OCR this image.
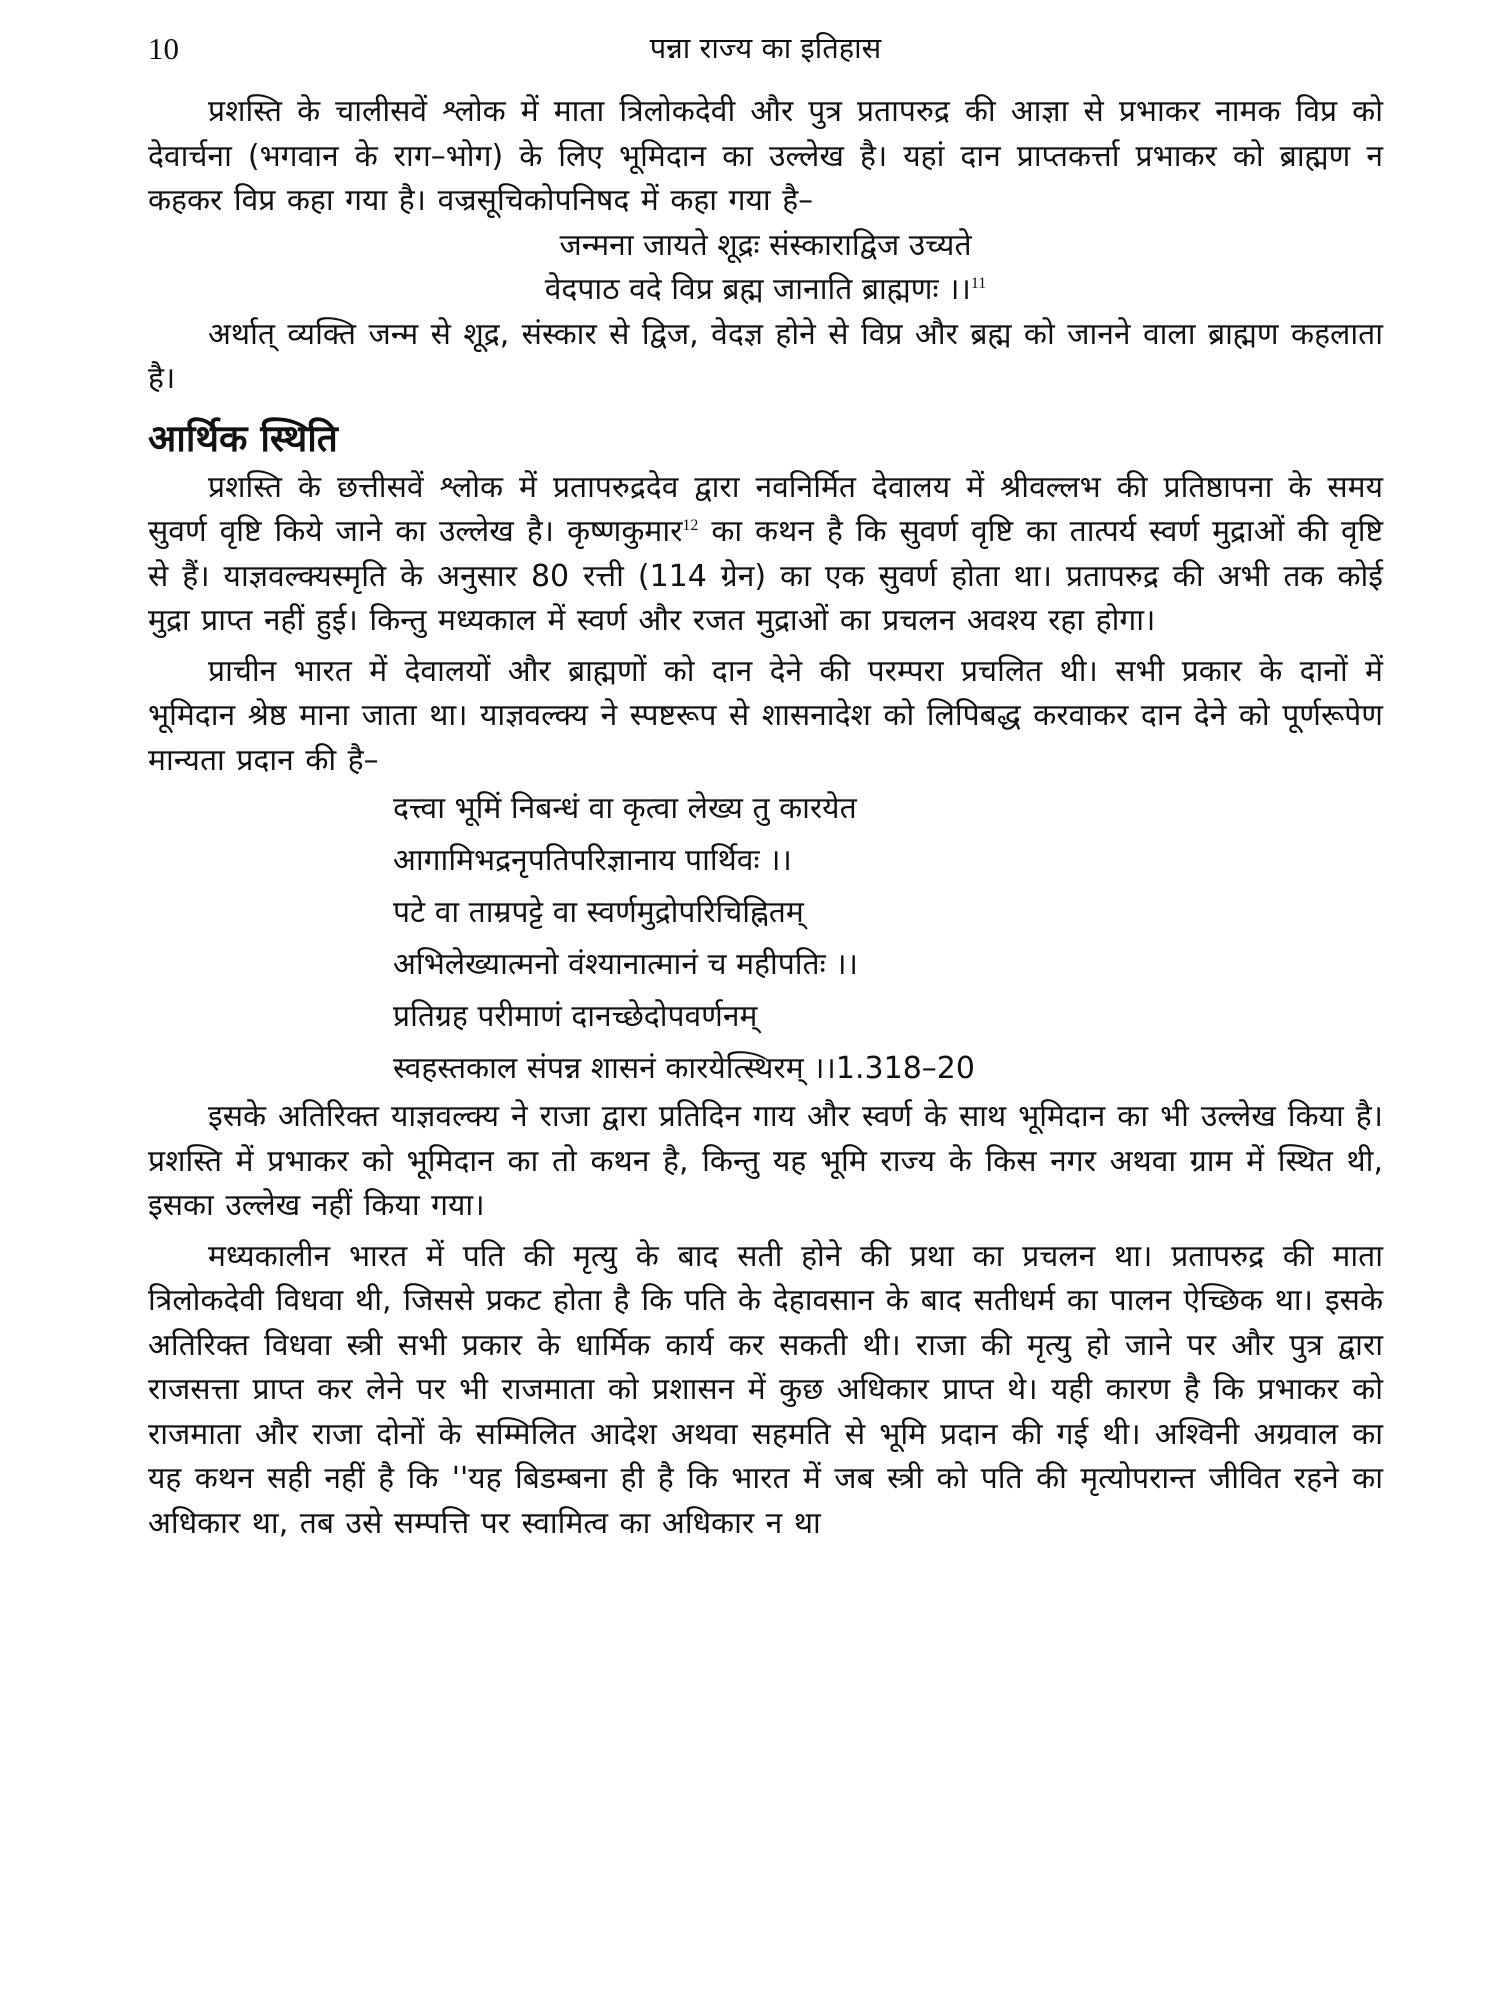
10	पन्ना राज्य का इतिहास

प्रशस्ति के चालीसवें श्लोक में माता त्रिलोकदेवी और पुत्र प्रतापरुद्र की आज्ञा से प्रभाकर नामक विप्र को देवार्चना (भगवान के राग–भोग) के लिए भूमिदान का उल्लेख है। यहां दान प्राप्तकर्त्ता प्रभाकर को ब्राह्मण न कहकर विप्र कहा गया है। वज्रसूचिकोपनिषद में कहा गया है–

जन्मना जायते शूद्रः संस्काराद्विज उच्यते

वेदपाठ वदे विप्र ब्रह्म जानाति ब्राह्मणः ।।$^{11}$

अर्थात् व्यक्ति जन्म से शूद्र, संस्कार से द्विज, वेदज्ञ होने से विप्र और ब्रह्म को जानने वाला ब्राह्मण कहलाता है।

आर्थिक स्थिति

प्रशस्ति के छत्तीसवें श्लोक में प्रतापरुद्रदेव द्वारा नवनिर्मित देवालय में श्रीवल्लभ की प्रतिष्ठापना के समय सुवर्ण वृष्टि किये जाने का उल्लेख है। कृष्णकुमार$^{12}$ का कथन है कि सुवर्ण वृष्टि का तात्पर्य स्वर्ण मुद्राओं की वृष्टि से हैं। याज्ञवल्क्यस्मृति के अनुसार 80 रत्ती (114 ग्रेन) का एक सुवर्ण होता था। प्रतापरुद्र की अभी तक कोई मुद्रा प्राप्त नहीं हुई। किन्तु मध्यकाल में स्वर्ण और रजत मुद्राओं का प्रचलन अवश्य रहा होगा।

प्राचीन भारत में देवालयों और ब्राह्मणों को दान देने की परम्परा प्रचलित थी। सभी प्रकार के दानों में भूमिदान श्रेष्ठ माना जाता था। याज्ञवल्क्य ने स्पष्टरूप से शासनादेश को लिपिबद्ध करवाकर दान देने को पूर्णरूपेण मान्यता प्रदान की है–

दत्त्वा भूमिं निबन्धं वा कृत्वा लेख्य तु कारयेत

आगामिभद्रनृपतिपरिज्ञानाय पार्थिवः ।।

पटे वा ताम्रपट्टे वा स्वर्णमुद्रोपरिचिह्नितम्

अभिलेख्यात्मनो वंश्यानात्मानं च महीपतिः ।।

प्रतिग्रह परीमाणं दानच्छेदोपवर्णनम्

स्वहस्तकाल संपन्न शासनं कारयेत्स्थिरम् ।।1.318–20

इसके अतिरिक्त याज्ञवल्क्य ने राजा द्वारा प्रतिदिन गाय और स्वर्ण के साथ भूमिदान का भी उल्लेख किया है। प्रशस्ति में प्रभाकर को भूमिदान का तो कथन है, किन्तु यह भूमि राज्य के किस नगर अथवा ग्राम में स्थित थी, इसका उल्लेख नहीं किया गया।

मध्यकालीन भारत में पति की मृत्यु के बाद सती होने की प्रथा का प्रचलन था। प्रतापरुद्र की माता त्रिलोकदेवी विधवा थी, जिससे प्रकट होता है कि पति के देहावसान के बाद सतीधर्म का पालन ऐच्छिक था। इसके अतिरिक्त विधवा स्त्री सभी प्रकार के धार्मिक कार्य कर सकती थी। राजा की मृत्यु हो जाने पर और पुत्र द्वारा राजसत्ता प्राप्त कर लेने पर भी राजमाता को प्रशासन में कुछ अधिकार प्राप्त थे। यही कारण है कि प्रभाकर को राजमाता और राजा दोनों के सम्मिलित आदेश अथवा सहमति से भूमि प्रदान की गई थी। अश्विनी अग्रवाल का यह कथन सही नहीं है कि ''यह बिडम्बना ही है कि भारत में जब स्त्री को पति की मृत्योपरान्त जीवित रहने का अधिकार था, तब उसे सम्पत्ति पर स्वामित्व का अधिकार न था
